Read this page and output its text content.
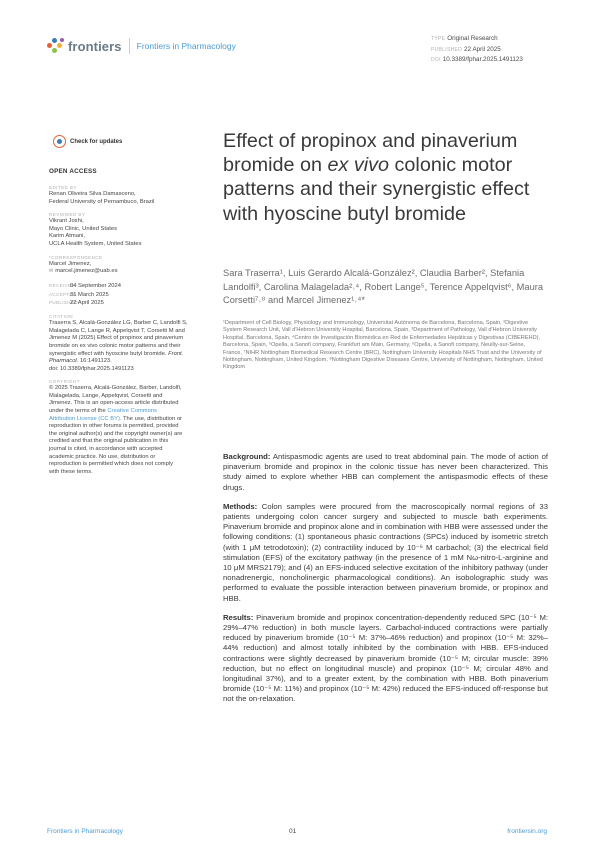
frontiers Frontiers in Pharmacology
TYPE Original Research
PUBLISHED 22 April 2025
DOI 10.3389/fphar.2025.1491123
Check for updates
OPEN ACCESS
EDITED BY
Renan Oliveira Silva Damasceno,
Federal University of Pernambuco, Brazil
REVIEWED BY
Vikrant Joshi,
Mayo Clinic, United States
Karim Atmani,
UCLA Health System, United States
*CORRESPONDENCE
Marcel Jimenez,
✉ marcel.jimenez@uab.es
RECEIVED04 September 2024
ACCEPTED31 March 2025
PUBLISHED22 April 2025
CITATION
Traserra S, Alcalá-González LG, Barber C, Landolfi S, Malagelada C, Lange R, Appelqvist T, Corsetti M and Jimenez M (2025) Effect of propinox and pinaverium bromide on ex vivo colonic motor patterns and their synergistic effect with hyoscine butyl bromide. Front. Pharmacol. 16:1491123.
doi: 10.3389/fphar.2025.1491123
COPYRIGHT
© 2025 Traserra, Alcalá-González, Barber, Landolfi, Malagelada, Lange, Appelqvist, Corsetti and Jimenez. This is an open-access article distributed under the terms of the Creative Commons Attribution License (CC BY). The use, distribution or reproduction in other forums is permitted, provided the original author(s) and the copyright owner(s) are credited and that the original publication in this journal is cited, in accordance with accepted academic practice. No use, distribution or reproduction is permitted which does not comply with these terms.
Effect of propinox and pinaverium bromide on ex vivo colonic motor patterns and their synergistic effect with hyoscine butyl bromide
Sara Traserra¹, Luis Gerardo Alcalá-González², Claudia Barber², Stefania Landolfi³, Carolina Malagelada²˒⁴, Robert Lange⁵, Terence Appelqvist⁶, Maura Corsetti⁷˒⁸ and Marcel Jimenez¹˒⁴*
¹Department of Cell Biology, Physiology and Immunology, Universitat Autònoma de Barcelona, Barcelona, Spain, ²Digestive System Research Unit, Vall d'Hebron University Hospital, Barcelona, Spain, ³Department of Pathology, Vall d'Hebron University Hospital, Barcelona, Spain, ⁴Centro de Investigación Biomédica en Red de Enfermedades Hepáticas y Digestivas (CIBEREHD), Barcelona, Spain, ⁵Opella, a Sanofi company, Frankfurt am Main, Germany, ⁶Opella, a Sanofi company, Neuilly-sur-Seine, France, ⁷NIHR Nottingham Biomedical Research Centre (BRC), Nottingham University Hospitals NHS Trust and the University of Nottingham, Nottingham, United Kingdom, ⁸Nottingham Digestive Diseases Centre, University of Nottingham, Nottingham, United Kingdom

Background: Antispasmodic agents are used to treat abdominal pain. The mode of action of pinaverium bromide and propinox in the colonic tissue has never been characterized. This study aimed to explore whether HBB can complement the antispasmodic effects of these drugs.

Methods: Colon samples were procured from the macroscopically normal regions of 33 patients undergoing colon cancer surgery and subjected to muscle bath experiments. Pinaverium bromide and propinox alone and in combination with HBB were assessed under the following conditions: (1) spontaneous phasic contractions (SPCs) induced by isometric stretch (with 1 μM tetrodotoxin); (2) contractility induced by 10⁻⁶ M carbachol; (3) the electrical field stimulation (EFS) of the excitatory pathway (in the presence of 1 mM Nω-nitro-L-arginine and 10 μM MRS2179); and (4) an EFS-induced selective excitation of the inhibitory pathway (under nonadrenergic, noncholinergic pharmacological conditions). An isobolographic study was performed to evaluate the possible interaction between pinaverium bromide, or propinox and HBB.

Results: Pinaverium bromide and propinox concentration-dependently reduced SPC (10⁻⁵ M: 29%–47% reduction) in both muscle layers. Carbachol-induced contractions were partially reduced by pinaverium bromide (10⁻⁵ M: 37%–46% reduction) and propinox (10⁻⁵ M: 32%–44% reduction) and almost totally inhibited by the combination with HBB. EFS-induced contractions were slightly decreased by pinaverium bromide (10⁻⁵ M; circular muscle: 39% reduction, but no effect on longitudinal muscle) and propinox (10⁻⁵ M; circular 48% and longitudinal 37%), and to a greater extent, by the combination with HBB. Both pinaverium bromide (10⁻⁵ M: 11%) and propinox (10⁻⁵ M: 42%) reduced the EFS-induced off-response but not the on-relaxation.

Frontiers in Pharmacology	01	frontiersin.org
